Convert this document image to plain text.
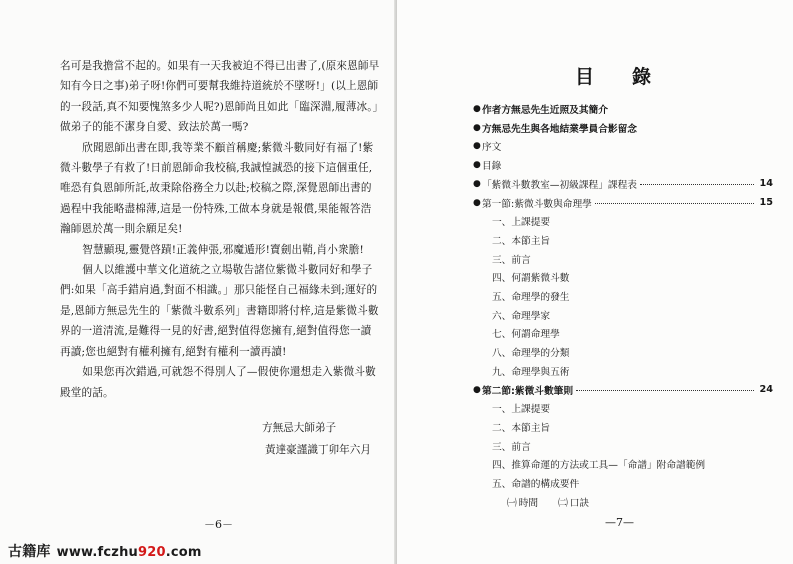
名可是我擔當不起的。如果有一天我被迫不得已出書了,(原來恩師早知有今日之事)弟子呀!你們可要幫我維持道統於不墜呀!」(以上恩師的一段話,真不知要愧煞多少人呢?)恩師尚且如此「臨深淵,履薄冰。」做弟子的能不潔身自愛、致法於萬一嗎?

欣聞恩師出書在即,我等業不顧首稱慶;紫微斗數同好有福了!紫微斗數學子有救了!日前恩師命我校稿,我誠惶誠恐的接下這個重任,唯恐有負恩師所託,故秉除俗務全力以赴;校稿之際,深覺恩師出書的過程中我能略盡棉薄,這是一份特殊,工做本身就是報償,果能報答浩瀚師恩於萬一則余願足矣!

智慧顯現,靈覺啓蹟!正義伸張,邪魔遁形!寶劍出鞘,肖小衆膽!

個人以維護中華文化道統之立場敬告諸位紫微斗數同好和學子們:如果「高手錯肩過,對面不相識。」那只能怪自己福緣未到;運好的是,恩師方無忌先生的「紫微斗數系列」書籍即將付梓,這是紫微斗數界的一道清流,是難得一見的好書,絕對值得您擁有,絕對值得您一讀再讀;您也絕對有權利擁有,絕對有權利一讀再讀!

如果您再次錯過,可就怨不得別人了—假使你還想走入紫微斗數殿堂的話。

方無忌大師弟子
黃達豪謹識丁卯年六月
－6－
古籍库 www.fczhu920.com
目錄
● 作者方無忌先生近照及其簡介
● 方無忌先生與各地結業學員合影留念
● 序文
● 目錄
● 「紫微斗數教室—初級課程」課程表	14
● 第一節:紫微斗數與命理學	15
一、上課提要
二、本節主旨
三、前言
四、何謂紫微斗數
五、命理學的發生
六、命理學家
七、何謂命理學
八、命理學的分類
九、命理學與五術
● 第二節:紫微斗數筆則	24
一、上課提要
二、本節主旨
三、前言
四、推算命運的方法或工具—「命譜」附命譜範例
五、命譜的構成要件
㈠ 時間 ㈡ 口訣
—7—
